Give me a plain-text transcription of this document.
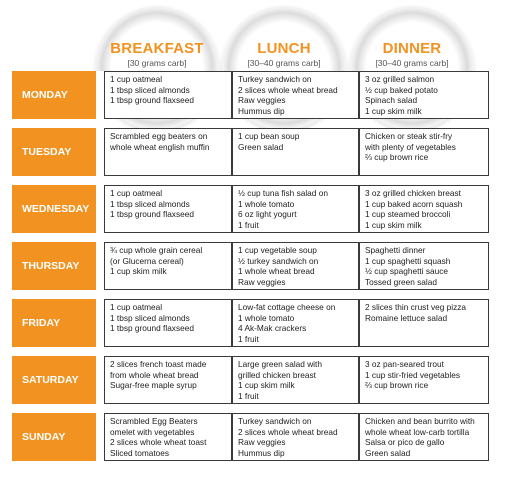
BREAKFAST
[30 grams carb]
LUNCH
[30–40 grams carb]
DINNER
[30–40 grams carb]
MONDAY
1 cup oatmeal
1 tbsp sliced almonds
1 tbsp ground flaxseed
Turkey sandwich on
2 slices whole wheat bread
Raw veggies
Hummus dip
3 oz grilled salmon
½ cup baked potato
Spinach salad
1 cup skim milk
TUESDAY
Scrambled egg beaters on
whole wheat english muffin
1 cup bean soup
Green salad
Chicken or steak stir-fry
with plenty of vegetables
⅔ cup brown rice
WEDNESDAY
1 cup oatmeal
1 tbsp sliced almonds
1 tbsp ground flaxseed
½ cup tuna fish salad on
1 whole tomato
6 oz light yogurt
1 fruit
3 oz grilled chicken breast
1 cup baked acorn squash
1 cup steamed broccoli
1 cup skim milk
THURSDAY
¾ cup whole grain cereal
(or Glucerna cereal)
1 cup skim milk
1 cup vegetable soup
½ turkey sandwich on
1 whole wheat bread
Raw veggies
Spaghetti dinner
1 cup spaghetti squash
½ cup spaghetti sauce
Tossed green salad
FRIDAY
1 cup oatmeal
1 tbsp sliced almonds
1 tbsp ground flaxseed
Low-fat cottage cheese on
1 whole tomato
4 Ak-Mak crackers
1 fruit
2 slices thin crust veg pizza
Romaine lettuce salad
SATURDAY
2 slices french toast made
from whole wheat bread
Sugar-free maple syrup
Large green salad with
grilled chicken breast
1 cup skim milk
1 fruit
3 oz pan-seared trout
1 cup stir-fried vegetables
⅔ cup brown rice
SUNDAY
Scrambled Egg Beaters
omelet with vegetables
2 slices whole wheat toast
Sliced tomatoes
Turkey sandwich on
2 slices whole wheat bread
Raw veggies
Hummus dip
Chicken and bean burrito with
whole wheat low-carb tortilla
Salsa or pico de gallo
Green salad
